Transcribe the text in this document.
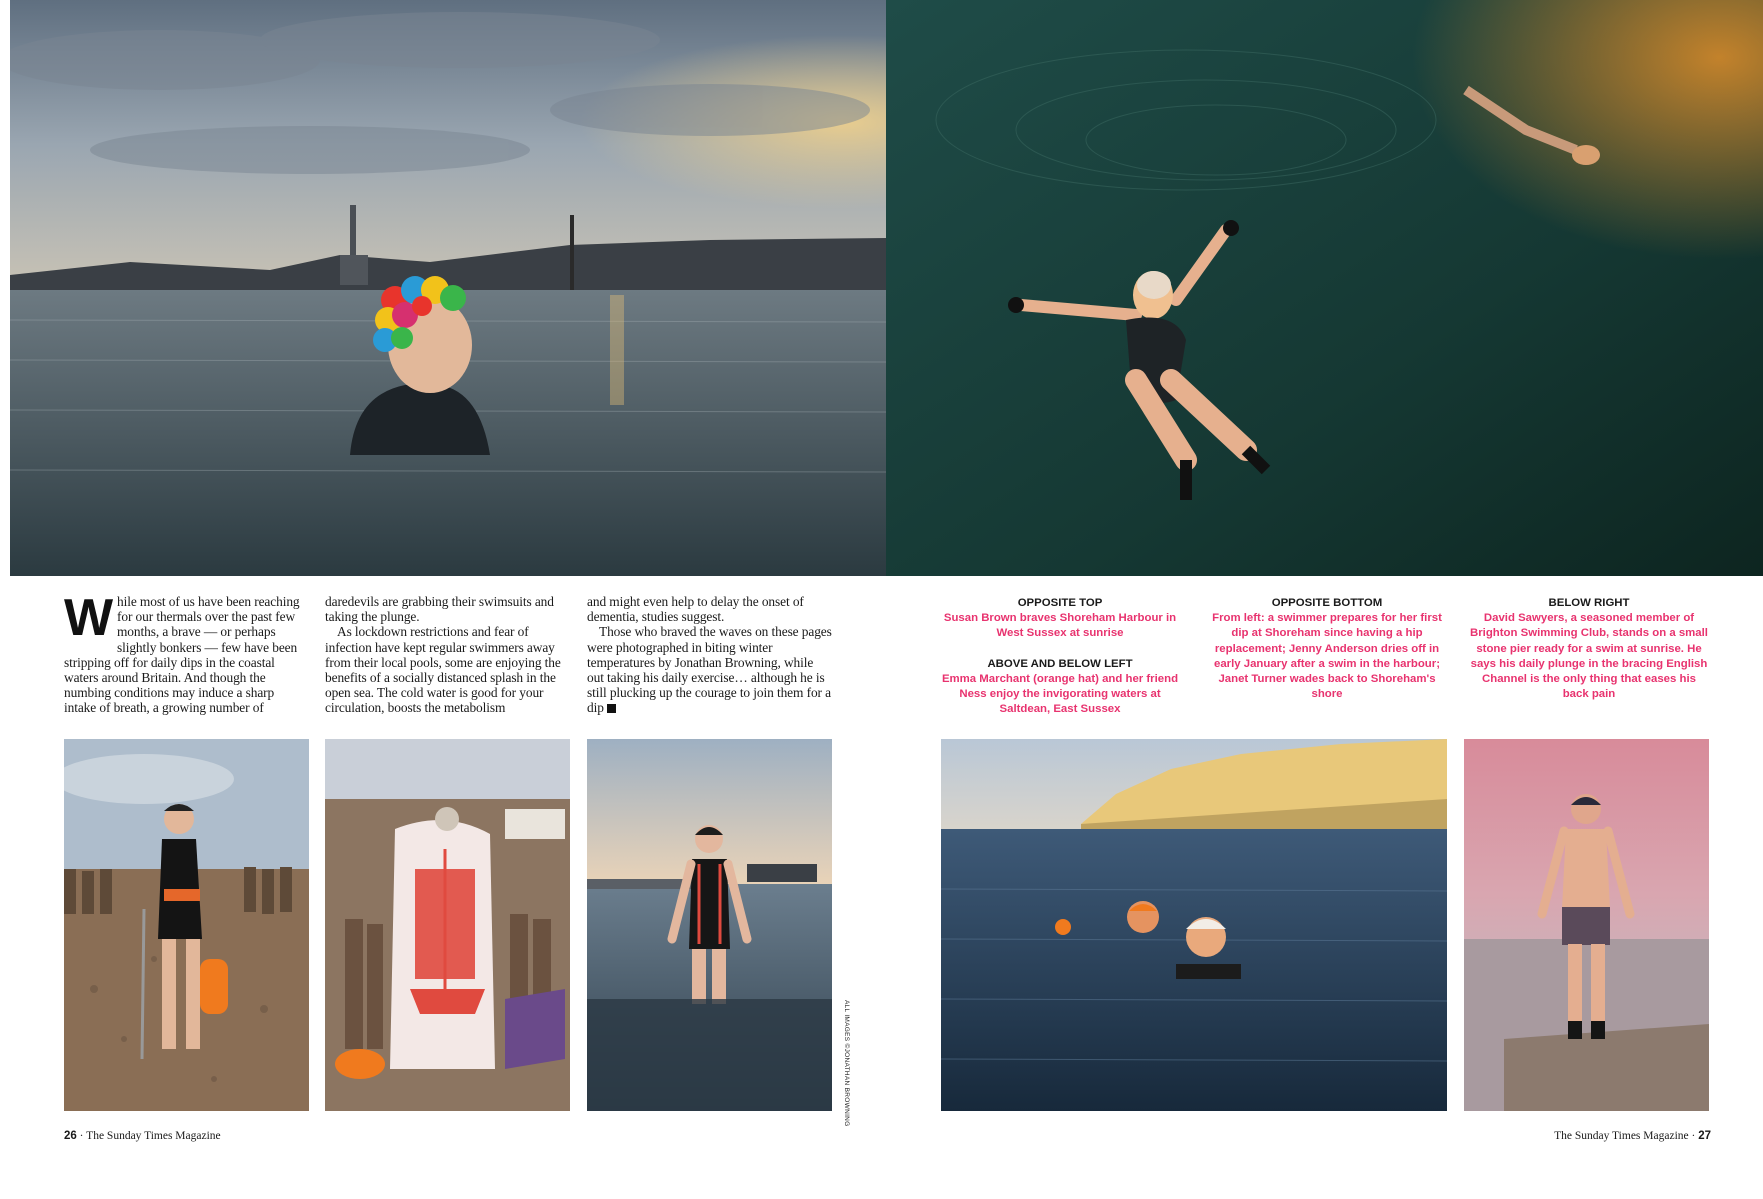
While most of us have been reaching for our thermals over the past few months, a brave — or perhaps slightly bonkers — few have been stripping off for daily dips in the coastal waters around Britain. And though the numbing conditions may induce a sharp intake of breath, a growing number of

daredevils are grabbing their swimsuits and taking the plunge.

As lockdown restrictions and fear of infection have kept regular swimmers away from their local pools, some are enjoying the benefits of a socially distanced splash in the open sea. The cold water is good for your circulation, boosts the metabolism

and might even help to delay the onset of dementia, studies suggest.

Those who braved the waves on these pages were photographed in biting winter temperatures by Jonathan Browning, while out taking his daily exercise… although he is still plucking up the courage to join them for a dip

OPPOSITE TOP
Susan Brown braves Shoreham Harbour in West Sussex at sunrise
ABOVE AND BELOW LEFT
Emma Marchant (orange hat) and her friend Ness enjoy the invigorating waters at Saltdean, East Sussex
OPPOSITE BOTTOM
From left: a swimmer prepares for her first dip at Shoreham since having a hip replacement; Jenny Anderson dries off in early January after a swim in the harbour; Janet Turner wades back to Shoreham's shore
BELOW RIGHT
David Sawyers, a seasoned member of Brighton Swimming Club, stands on a small stone pier ready for a swim at sunrise. He says his daily plunge in the bracing English Channel is the only thing that eases his back pain
ALL IMAGES ©JONATHAN BROWNING
26 · The Sunday Times Magazine	The Sunday Times Magazine · 27
